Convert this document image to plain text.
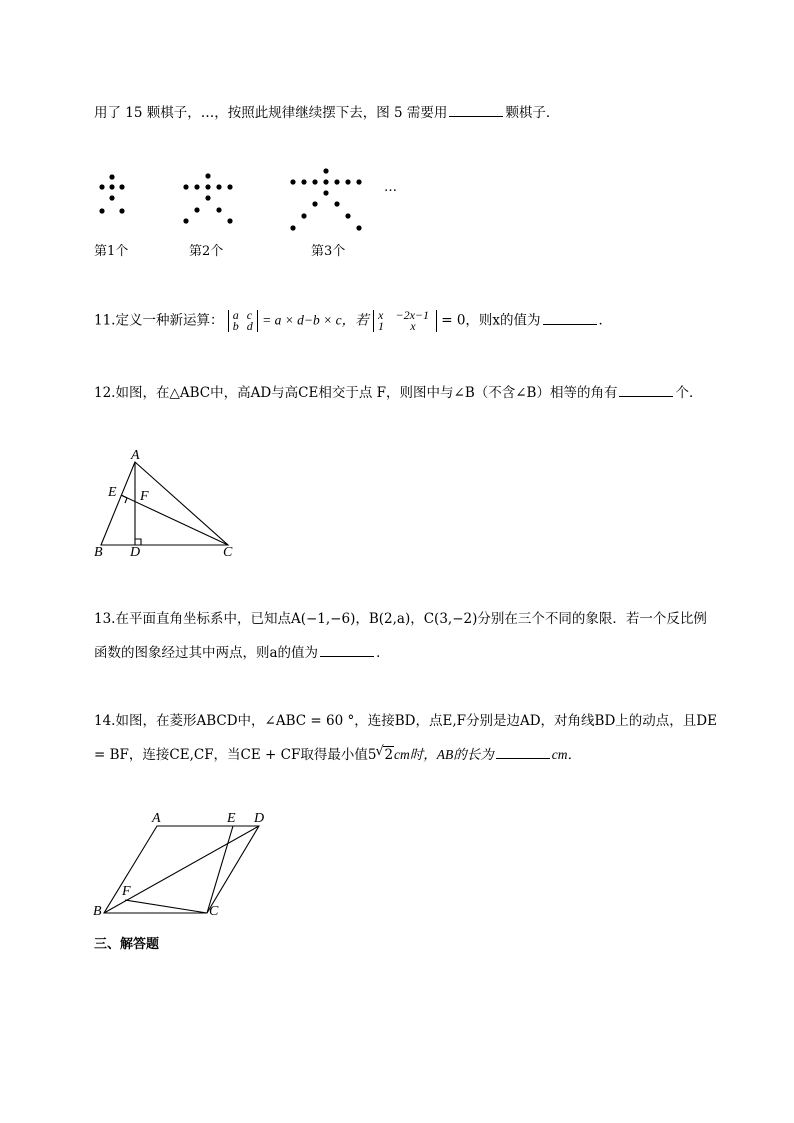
用了 15 颗棋子，…，按照此规律继续摆下去，图 5 需要用	颗棋子．
…
第1个	第2个	第3个
11.定义一种新运算： a c
b d = a × d−b × c，若 x −2x−1
1	x	= 0，则x的值为	．
12.如图，在△ABC中，高AD与高CE相交于点 F，则图中与∠B（不含∠B）相等的角有	个．
A
E F
B D	C
13.在平面直角坐标系中，已知点A(−1,−6)，B(2,a)，C(3,−2)分别在三个不同的象限．若一个反比例
函数的图象经过其中两点，则a的值为	．
14.如图，在菱形ABCD中，∠ABC = 60 °，连接BD，点E,F分别是边AD，对角线BD上的动点，且DE
= BF，连接CE,CF，当CE + CF取得最小值5√ 2cm时，AB的长为	cm．
A	E D
F
B	C
三、解答题
